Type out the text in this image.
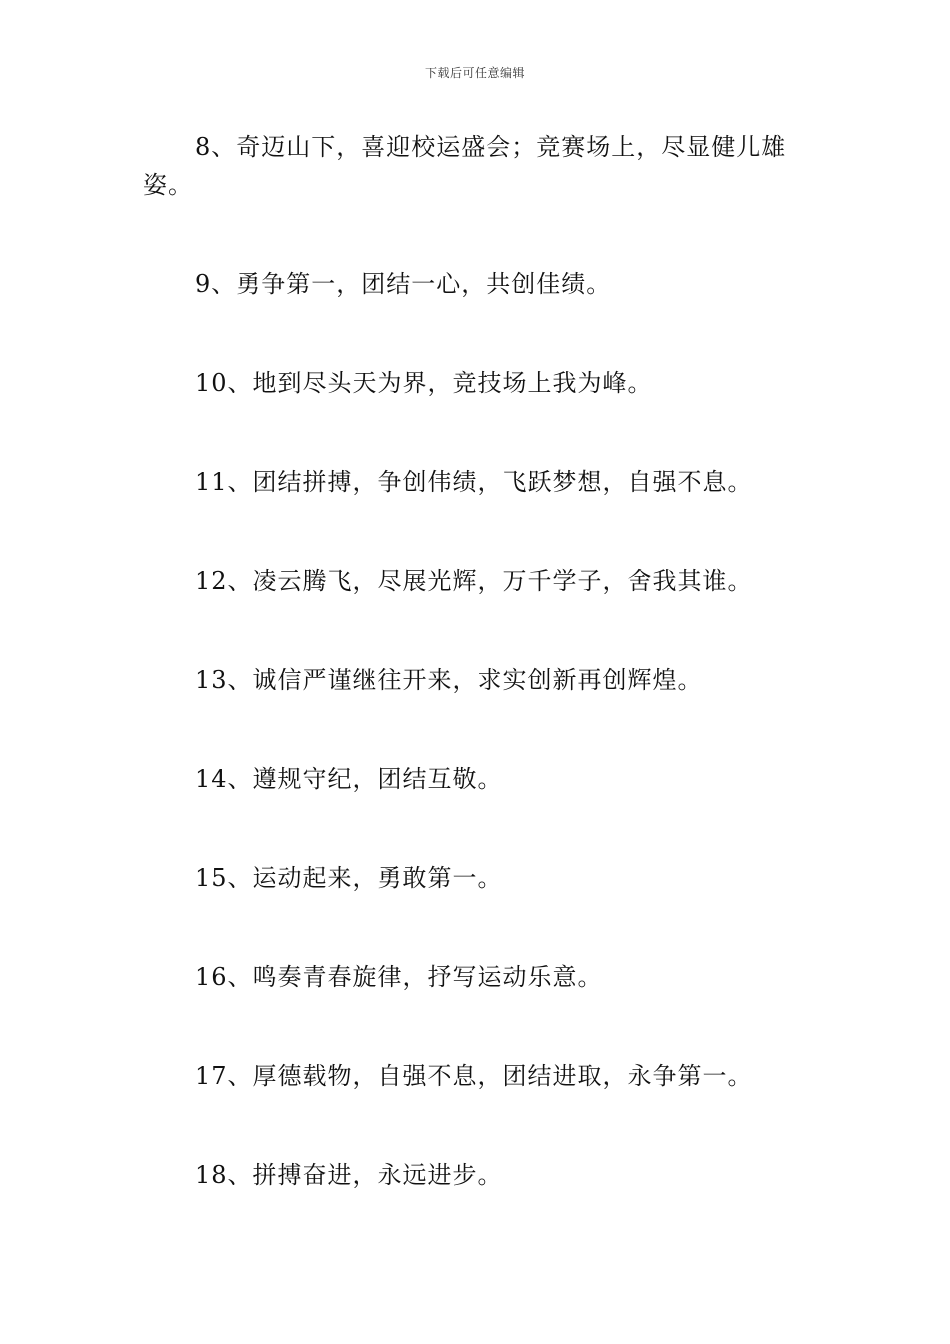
下载后可任意编辑

8、奇迈山下，喜迎校运盛会；竞赛场上，尽显健儿雄姿。

9、勇争第一，团结一心，共创佳绩。

10、地到尽头天为界，竞技场上我为峰。

11、团结拼搏，争创伟绩，飞跃梦想，自强不息。

12、凌云腾飞，尽展光辉，万千学子，舍我其谁。

13、诚信严谨继往开来，求实创新再创辉煌。

14、遵规守纪，团结互敬。

15、运动起来，勇敢第一。

16、鸣奏青春旋律，抒写运动乐意。

17、厚德载物，自强不息，团结进取，永争第一。

18、拼搏奋进，永远进步。
